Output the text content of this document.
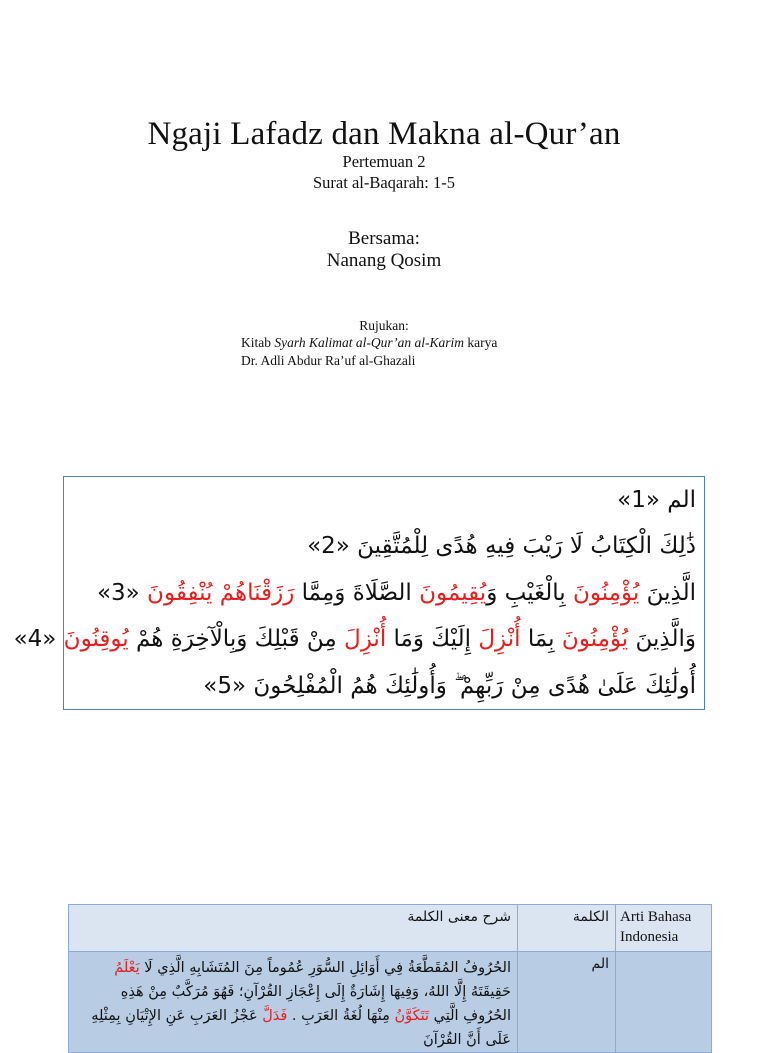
Ngaji Lafadz dan Makna al-Qur’an
Pertemuan 2
Surat al-Baqarah: 1-5
Bersama:
Nanang Qosim
Rujukan:
Kitab Syarh Kalimat al-Qur’an al-Karim karya
Dr. Adli Abdur Ra’uf al-Ghazali
الم «1»
ذَٰلِكَ الْكِتَابُ لَا رَيْبَ فِيهِ هُدًى لِلْمُتَّقِينَ «2»
الَّذِينَ يُؤْمِنُونَ بِالْغَيْبِ وَيُقِيمُونَ الصَّلَاةَ وَمِمَّا رَزَقْنَاهُمْ يُنْفِقُونَ «3»
وَالَّذِينَ يُؤْمِنُونَ بِمَا أُنْزِلَ إِلَيْكَ وَمَا أُنْزِلَ مِنْ قَبْلِكَ وَبِالْآخِرَةِ هُمْ يُوقِنُونَ «4»
أُولَٰئِكَ عَلَىٰ هُدًى مِنْ رَبِّهِمْ ۖ وَأُولَٰئِكَ هُمُ الْمُفْلِحُونَ «5»
شرح معنى الكلمة	الكلمة	Arti Bahasa Indonesia

الحُرُوفُ المُقَطَّعَةُ فِي أَوَائِلِ السُّوَرِ عُمُوماً مِنَ المُتَشَابِهِ الَّذِي لَا يَعْلَمُ حَقِيقَتَهُ إِلَّا اللهُ، وَفِيهَا إِشَارَةٌ إِلَى إِعْجَازِ القُرْآنِ؛ فَهُوَ مُرَكَّبٌ مِنْ هَذِهِ الحُرُوفِ الَّتِي تَتَكَوَّنُ مِنْهَا لُغَةُ العَرَبِ . فَدَلَّ عَجْزُ العَرَبِ عَنِ الإِتْيَانِ بِمِثْلِهِ عَلَى أَنَّ القُرْآنَ	الم	
